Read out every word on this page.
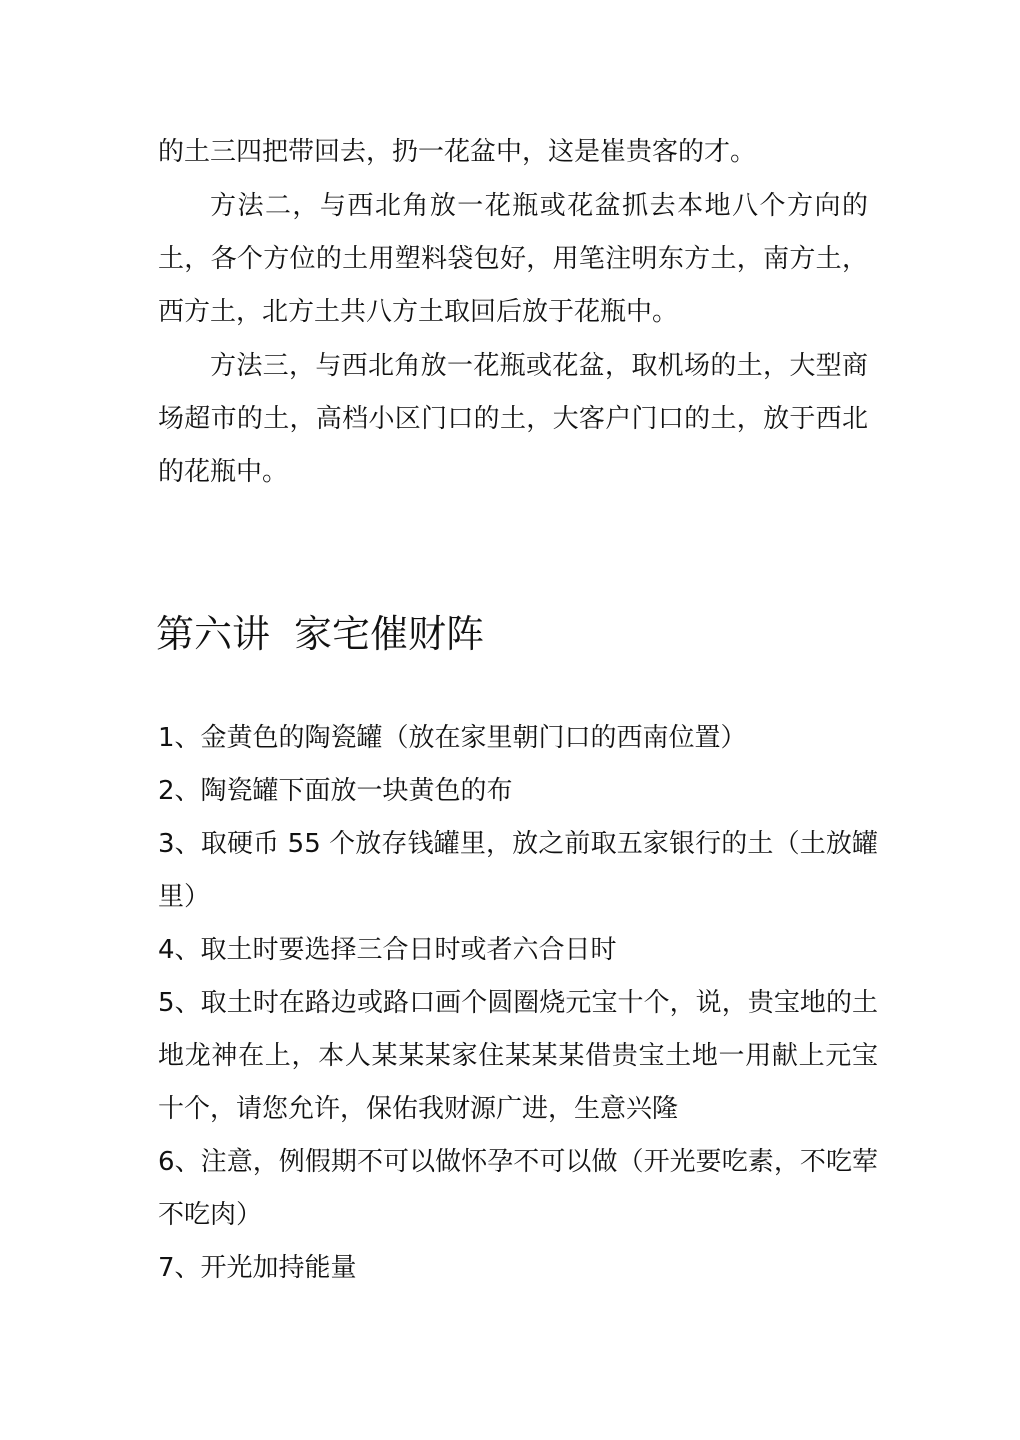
的土三四把带回去，扔一花盆中，这是崔贵客的才。

方法二，与西北角放一花瓶或花盆抓去本地八个方向的土，各个方位的土用塑料袋包好，用笔注明东方土，南方土，西方土，北方土共八方土取回后放于花瓶中。

方法三，与西北角放一花瓶或花盆，取机场的土，大型商场超市的土，高档小区门口的土，大客户门口的土，放于西北的花瓶中。

第六讲 家宅催财阵
1、金黄色的陶瓷罐（放在家里朝门口的西南位置）
2、陶瓷罐下面放一块黄色的布
3、取硬币 55 个放存钱罐里，放之前取五家银行的土（土放罐里）
4、取土时要选择三合日时或者六合日时
5、取土时在路边或路口画个圆圈烧元宝十个，说，贵宝地的土地龙神在上，本人某某某家住某某某借贵宝土地一用献上元宝十个，请您允许，保佑我财源广进，生意兴隆
6、注意，例假期不可以做怀孕不可以做（开光要吃素，不吃荤不吃肉）
7、开光加持能量
